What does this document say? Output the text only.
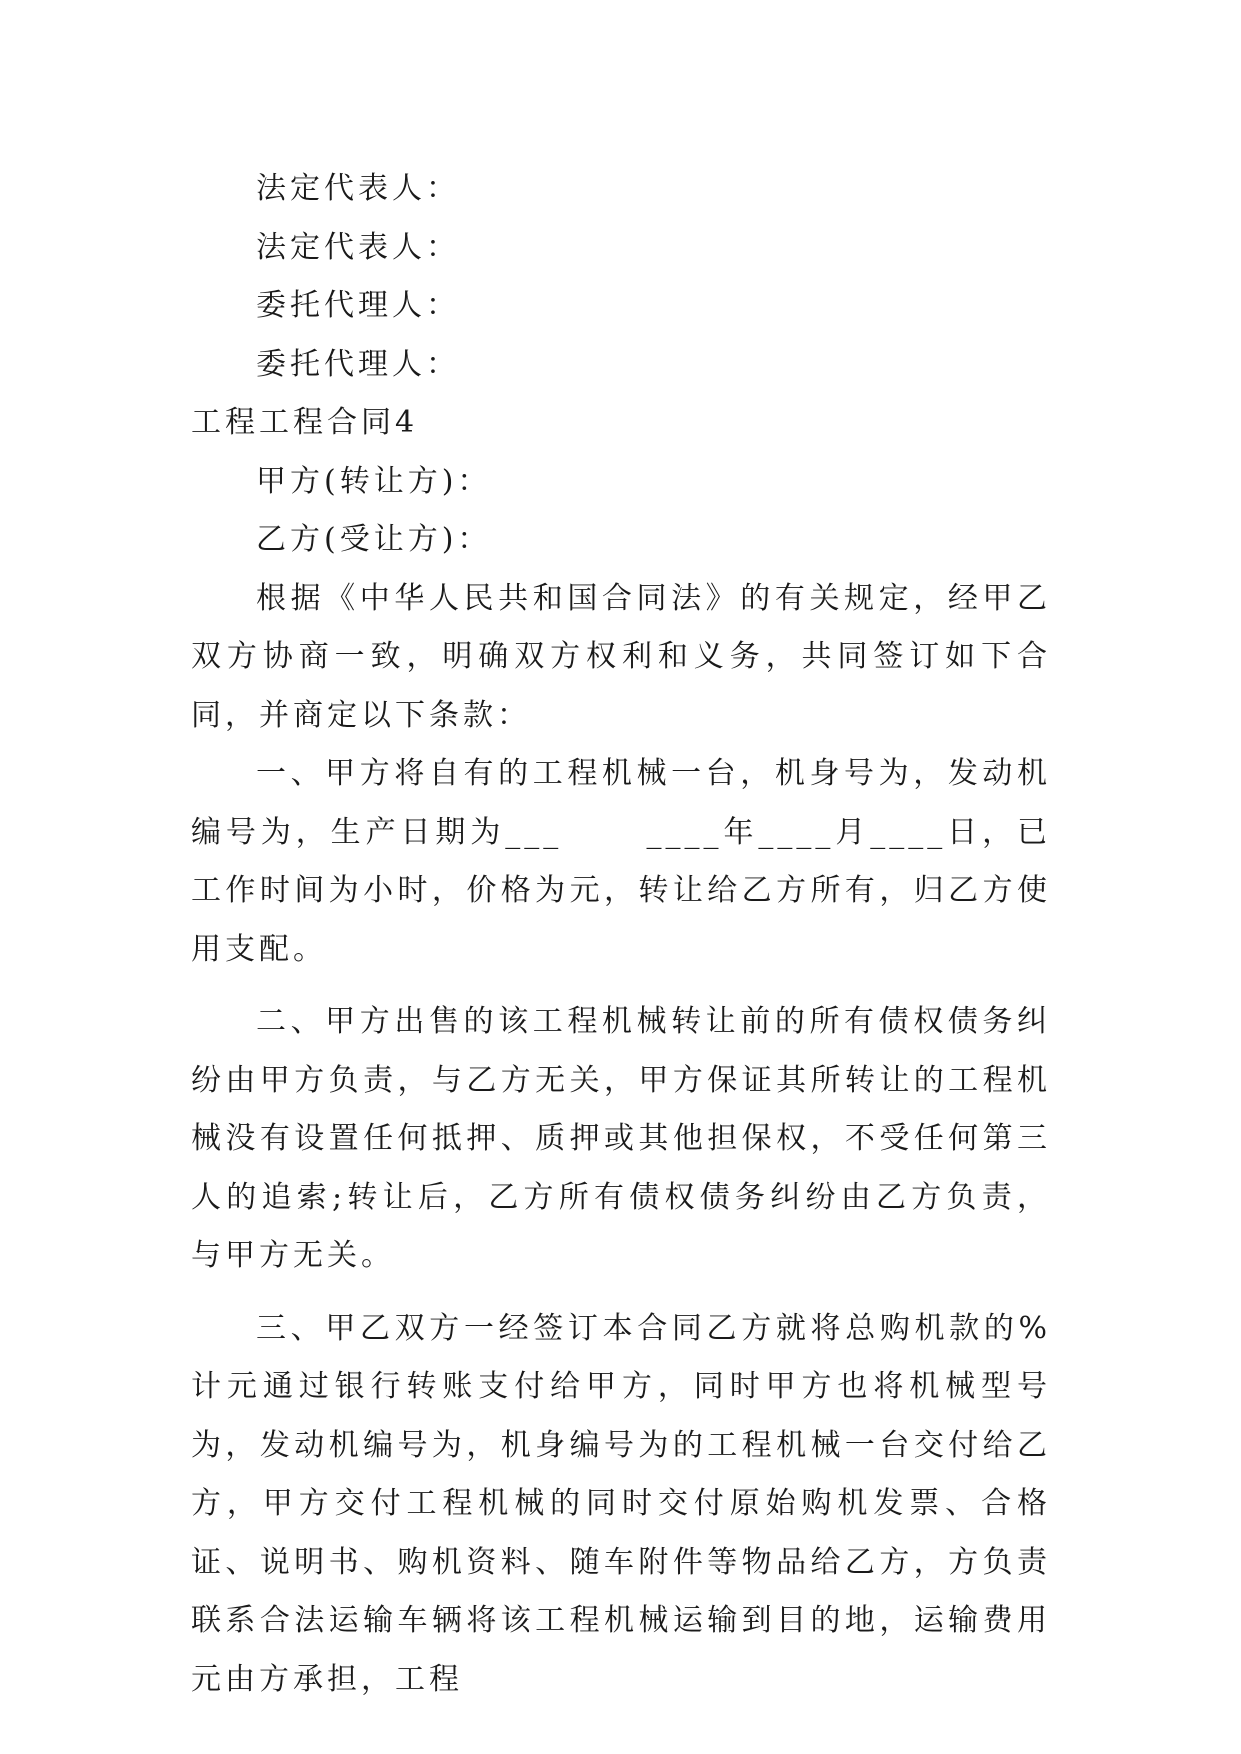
法定代表人：

法定代表人：

委托代理人：

委托代理人：

工程工程合同4

甲方(转让方)：

乙方(受让方)：

根据《中华人民共和国合同法》的有关规定，经甲乙双方协商一致，明确双方权利和义务，共同签订如下合同，并商定以下条款：

一、甲方将自有的工程机械一台，机身号为，发动机编号为，生产日期为___ 　　____年____月____日，已工作时间为小时，价格为元，转让给乙方所有，归乙方使用支配。

二、甲方出售的该工程机械转让前的所有债权债务纠纷由甲方负责，与乙方无关，甲方保证其所转让的工程机械没有设置任何抵押、质押或其他担保权，不受任何第三人的追索;转让后，乙方所有债权债务纠纷由乙方负责，与甲方无关。

三、甲乙双方一经签订本合同乙方就将总购机款的%计元通过银行转账支付给甲方，同时甲方也将机械型号为，发动机编号为，机身编号为的工程机械一台交付给乙方，甲方交付工程机械的同时交付原始购机发票、合格证、说明书、购机资料、随车附件等物品给乙方，方负责联系合法运输车辆将该工程机械运输到目的地，运输费用元由方承担，工程
